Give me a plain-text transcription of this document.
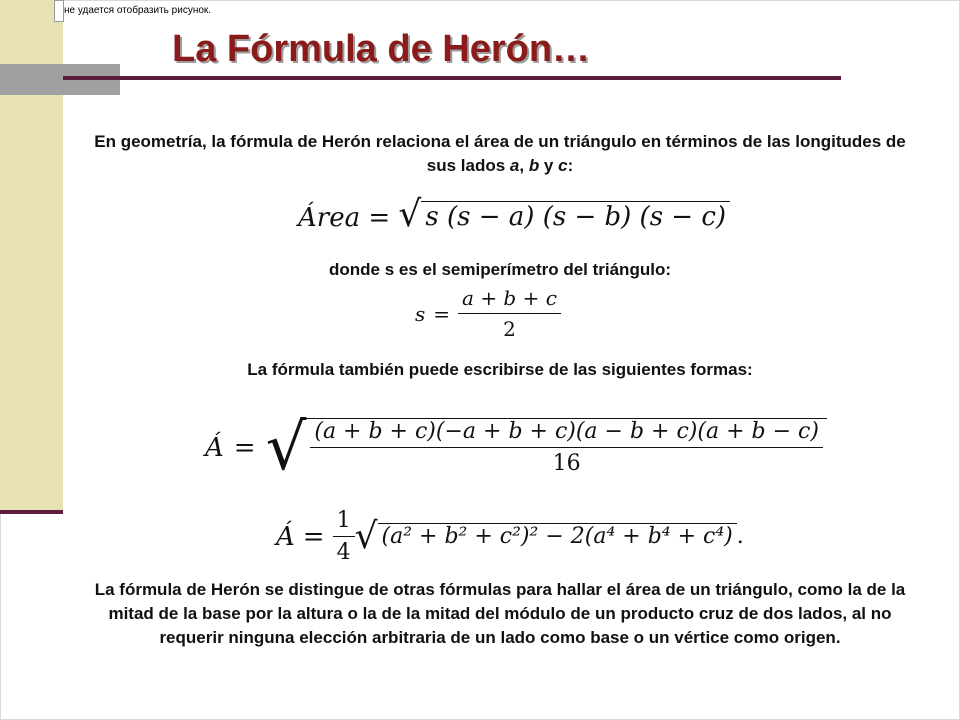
не удается отобразить рисунок.
La Fórmula de Herón…

En geometría, la fórmula de Herón relaciona el área de un triángulo en términos de las longitudes de sus lados a, b y c:

Área = √ s (s − a) (s − b) (s − c)

donde s es el semiperímetro del triángulo:

$s = \frac{a + b + c}{2}$

La fórmula también puede escribirse de las siguientes formas:

Á = √ $\frac{(a + b + c)(-a + b + c)(a - b + c)(a + b - c)}{16}$
Á = $\frac{1}{4}$ √ (a² + b² + c²)² − 2(a⁴ + b⁴ + c⁴) .

La fórmula de Herón se distingue de otras fórmulas para hallar el área de un triángulo, como la de la mitad de la base por la altura o la de la mitad del módulo de un producto cruz de dos lados, al no requerir ninguna elección arbitraria de un lado como base o un vértice como origen.
